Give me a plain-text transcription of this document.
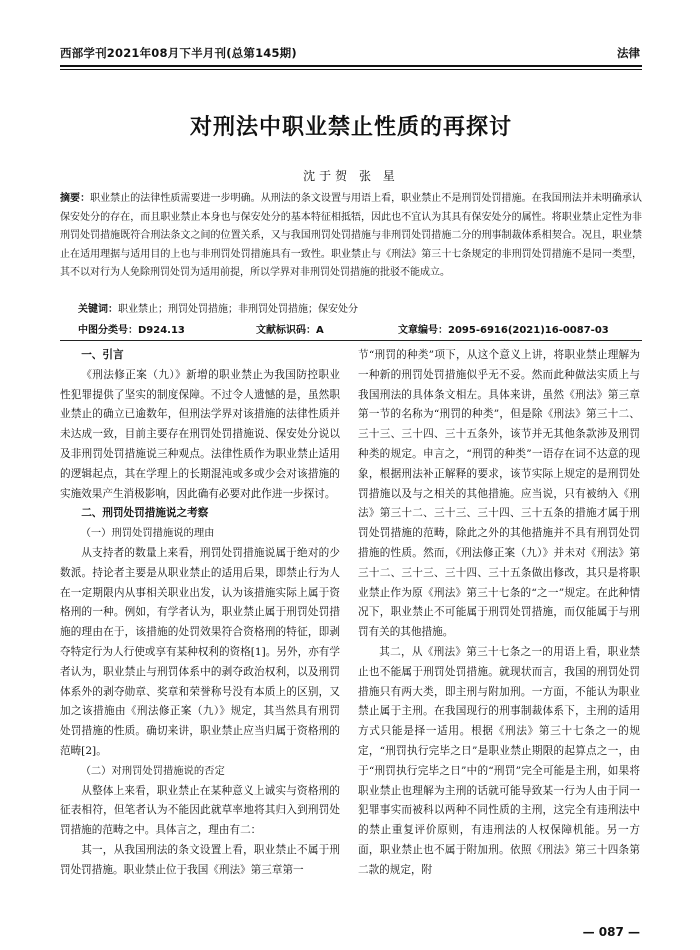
西部学刊2021年08月下半月刊(总第145期)	法律
对刑法中职业禁止性质的再探讨
沈于贺 张 星
摘要：职业禁止的法律性质需要进一步明确。从刑法的条文设置与用语上看，职业禁止不是刑罚处罚措施。在我国刑法并未明确承认保安处分的存在，而且职业禁止本身也与保安处分的基本特征相抵牾，因此也不宜认为其具有保安处分的属性。将职业禁止定性为非刑罚处罚措施既符合刑法条文之间的位置关系，又与我国刑罚处罚措施与非刑罚处罚措施二分的刑事制裁体系相契合。况且，职业禁止在适用理据与适用目的上也与非刑罚处罚措施具有一致性。职业禁止与《刑法》第三十七条规定的非刑罚处罚措施不是同一类型，其不以对行为人免除刑罚处罚为适用前提，所以学界对非刑罚处罚措施的批驳不能成立。
关键词：职业禁止；刑罚处罚措施；非刑罚处罚措施；保安处分
中图分类号：D924.13	文献标识码：A	文章编号：2095-6916(2021)16-0087-03
一、引言

《刑法修正案（九）》新增的职业禁止为我国防控职业性犯罪提供了坚实的制度保障。不过令人遗憾的是，虽然职业禁止的确立已逾数年，但刑法学界对该措施的法律性质并未达成一致，目前主要存在刑罚处罚措施说、保安处分说以及非刑罚处罚措施说三种观点。法律性质作为职业禁止适用的逻辑起点，其在学理上的长期混沌或多或少会对该措施的实施效果产生消极影响，因此确有必要对此作进一步探讨。

二、刑罚处罚措施说之考察
（一）刑罚处罚措施说的理由

从支持者的数量上来看，刑罚处罚措施说属于绝对的少数派。持论者主要是从职业禁止的适用后果，即禁止行为人在一定期限内从事相关职业出发，认为该措施实际上属于资格刑的一种。例如，有学者认为，职业禁止属于刑罚处罚措施的理由在于，该措施的处罚效果符合资格刑的特征，即剥夺特定行为人行使或享有某种权利的资格[1]。另外，亦有学者认为，职业禁止与刑罚体系中的剥夺政治权利，以及刑罚体系外的剥夺勋章、奖章和荣誉称号没有本质上的区别，又加之该措施由《刑法修正案（九）》规定，其当然具有刑罚处罚措施的性质。确切来讲，职业禁止应当归属于资格刑的范畴[2]。

（二）对刑罚处罚措施说的否定

从整体上来看，职业禁止在某种意义上诚实与资格刑的征表相符，但笔者认为不能因此就草率地将其归入到刑罚处罚措施的范畴之中。具体言之，理由有二：

其一，从我国刑法的条文设置上看，职业禁止不属于刑罚处罚措施。职业禁止位于我国《刑法》第三章第一

节“刑罚的种类”项下，从这个意义上讲，将职业禁止理解为一种新的刑罚处罚措施似乎无不妥。然而此种做法实质上与我国刑法的具体条文相左。具体来讲，虽然《刑法》第三章第一节的名称为“刑罚的种类”，但是除《刑法》第三十二、三十三、三十四、三十五条外，该节并无其他条款涉及刑罚种类的规定。申言之，“刑罚的种类”一语存在词不达意的现象，根据刑法补正解释的要求，该节实际上规定的是刑罚处罚措施以及与之相关的其他措施。应当说，只有被纳入《刑法》第三十二、三十三、三十四、三十五条的措施才属于刑罚处罚措施的范畴，除此之外的其他措施并不具有刑罚处罚措施的性质。然而，《刑法修正案（九）》并未对《刑法》第三十二、三十三、三十四、三十五条做出修改，其只是将职业禁止作为原《刑法》第三十七条的“之一”规定。在此种情况下，职业禁止不可能属于刑罚处罚措施，而仅能属于与刑罚有关的其他措施。

其二，从《刑法》第三十七条之一的用语上看，职业禁止也不能属于刑罚处罚措施。就现状而言，我国的刑罚处罚措施只有两大类，即主刑与附加刑。一方面，不能认为职业禁止属于主刑。在我国现行的刑事制裁体系下，主刑的适用方式只能是择一适用。根据《刑法》第三十七条之一的规定，“刑罚执行完毕之日”是职业禁止期限的起算点之一，由于“刑罚执行完毕之日”中的“刑罚”完全可能是主刑，如果将职业禁止也理解为主刑的话就可能导致某一行为人由于同一犯罪事实而被科以两种不同性质的主刑，这完全有违刑法中的禁止重复评价原则，有违刑法的人权保障机能。另一方面，职业禁止也不属于附加刑。依照《刑法》第三十四条第二款的规定，附

— 087 —
